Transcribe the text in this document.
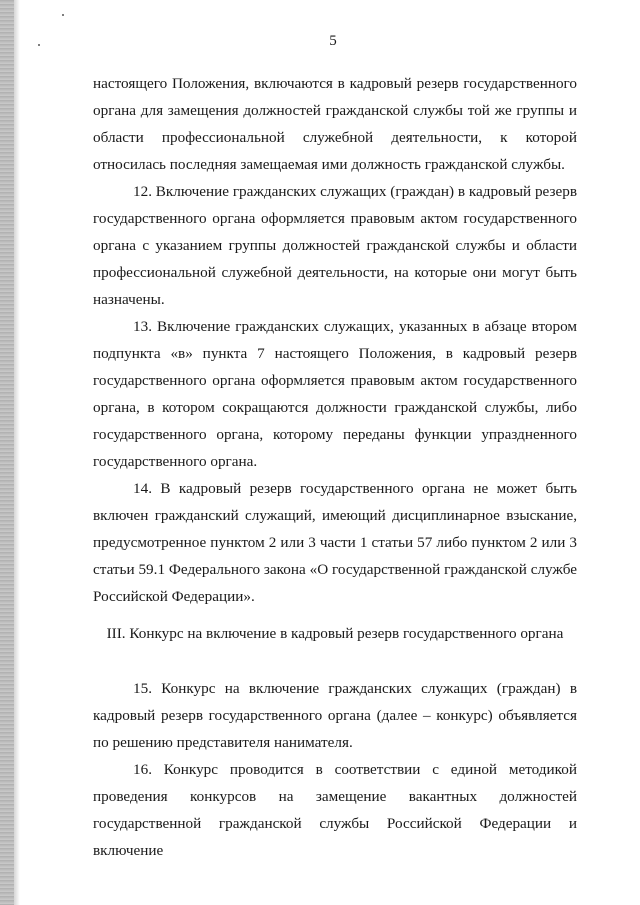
5

настоящего Положения, включаются в кадровый резерв государственного органа для замещения должностей гражданской службы той же группы и области профессиональной служебной деятельности, к которой относилась последняя замещаемая ими должность гражданской службы.

12. Включение гражданских служащих (граждан) в кадровый резерв государственного органа оформляется правовым актом государственного органа с указанием группы должностей гражданской службы и области профессиональной служебной деятельности, на которые они могут быть назначены.

13. Включение гражданских служащих, указанных в абзаце втором подпункта «в» пункта 7 настоящего Положения, в кадровый резерв государственного органа оформляется правовым актом государственного органа, в котором сокращаются должности гражданской службы, либо государственного органа, которому переданы функции упраздненного государственного органа.

14. В кадровый резерв государственного органа не может быть включен гражданский служащий, имеющий дисциплинарное взыскание, предусмотренное пунктом 2 или 3 части 1 статьи 57 либо пунктом 2 или 3 статьи 59.1 Федерального закона «О государственной гражданской службе Российской Федерации».

III. Конкурс на включение в кадровый резерв государственного органа

15. Конкурс на включение гражданских служащих (граждан) в кадровый резерв государственного органа (далее – конкурс) объявляется по решению представителя нанимателя.

16. Конкурс проводится в соответствии с единой методикой проведения конкурсов на замещение вакантных должностей государственной гражданской службы Российской Федерации и включение
